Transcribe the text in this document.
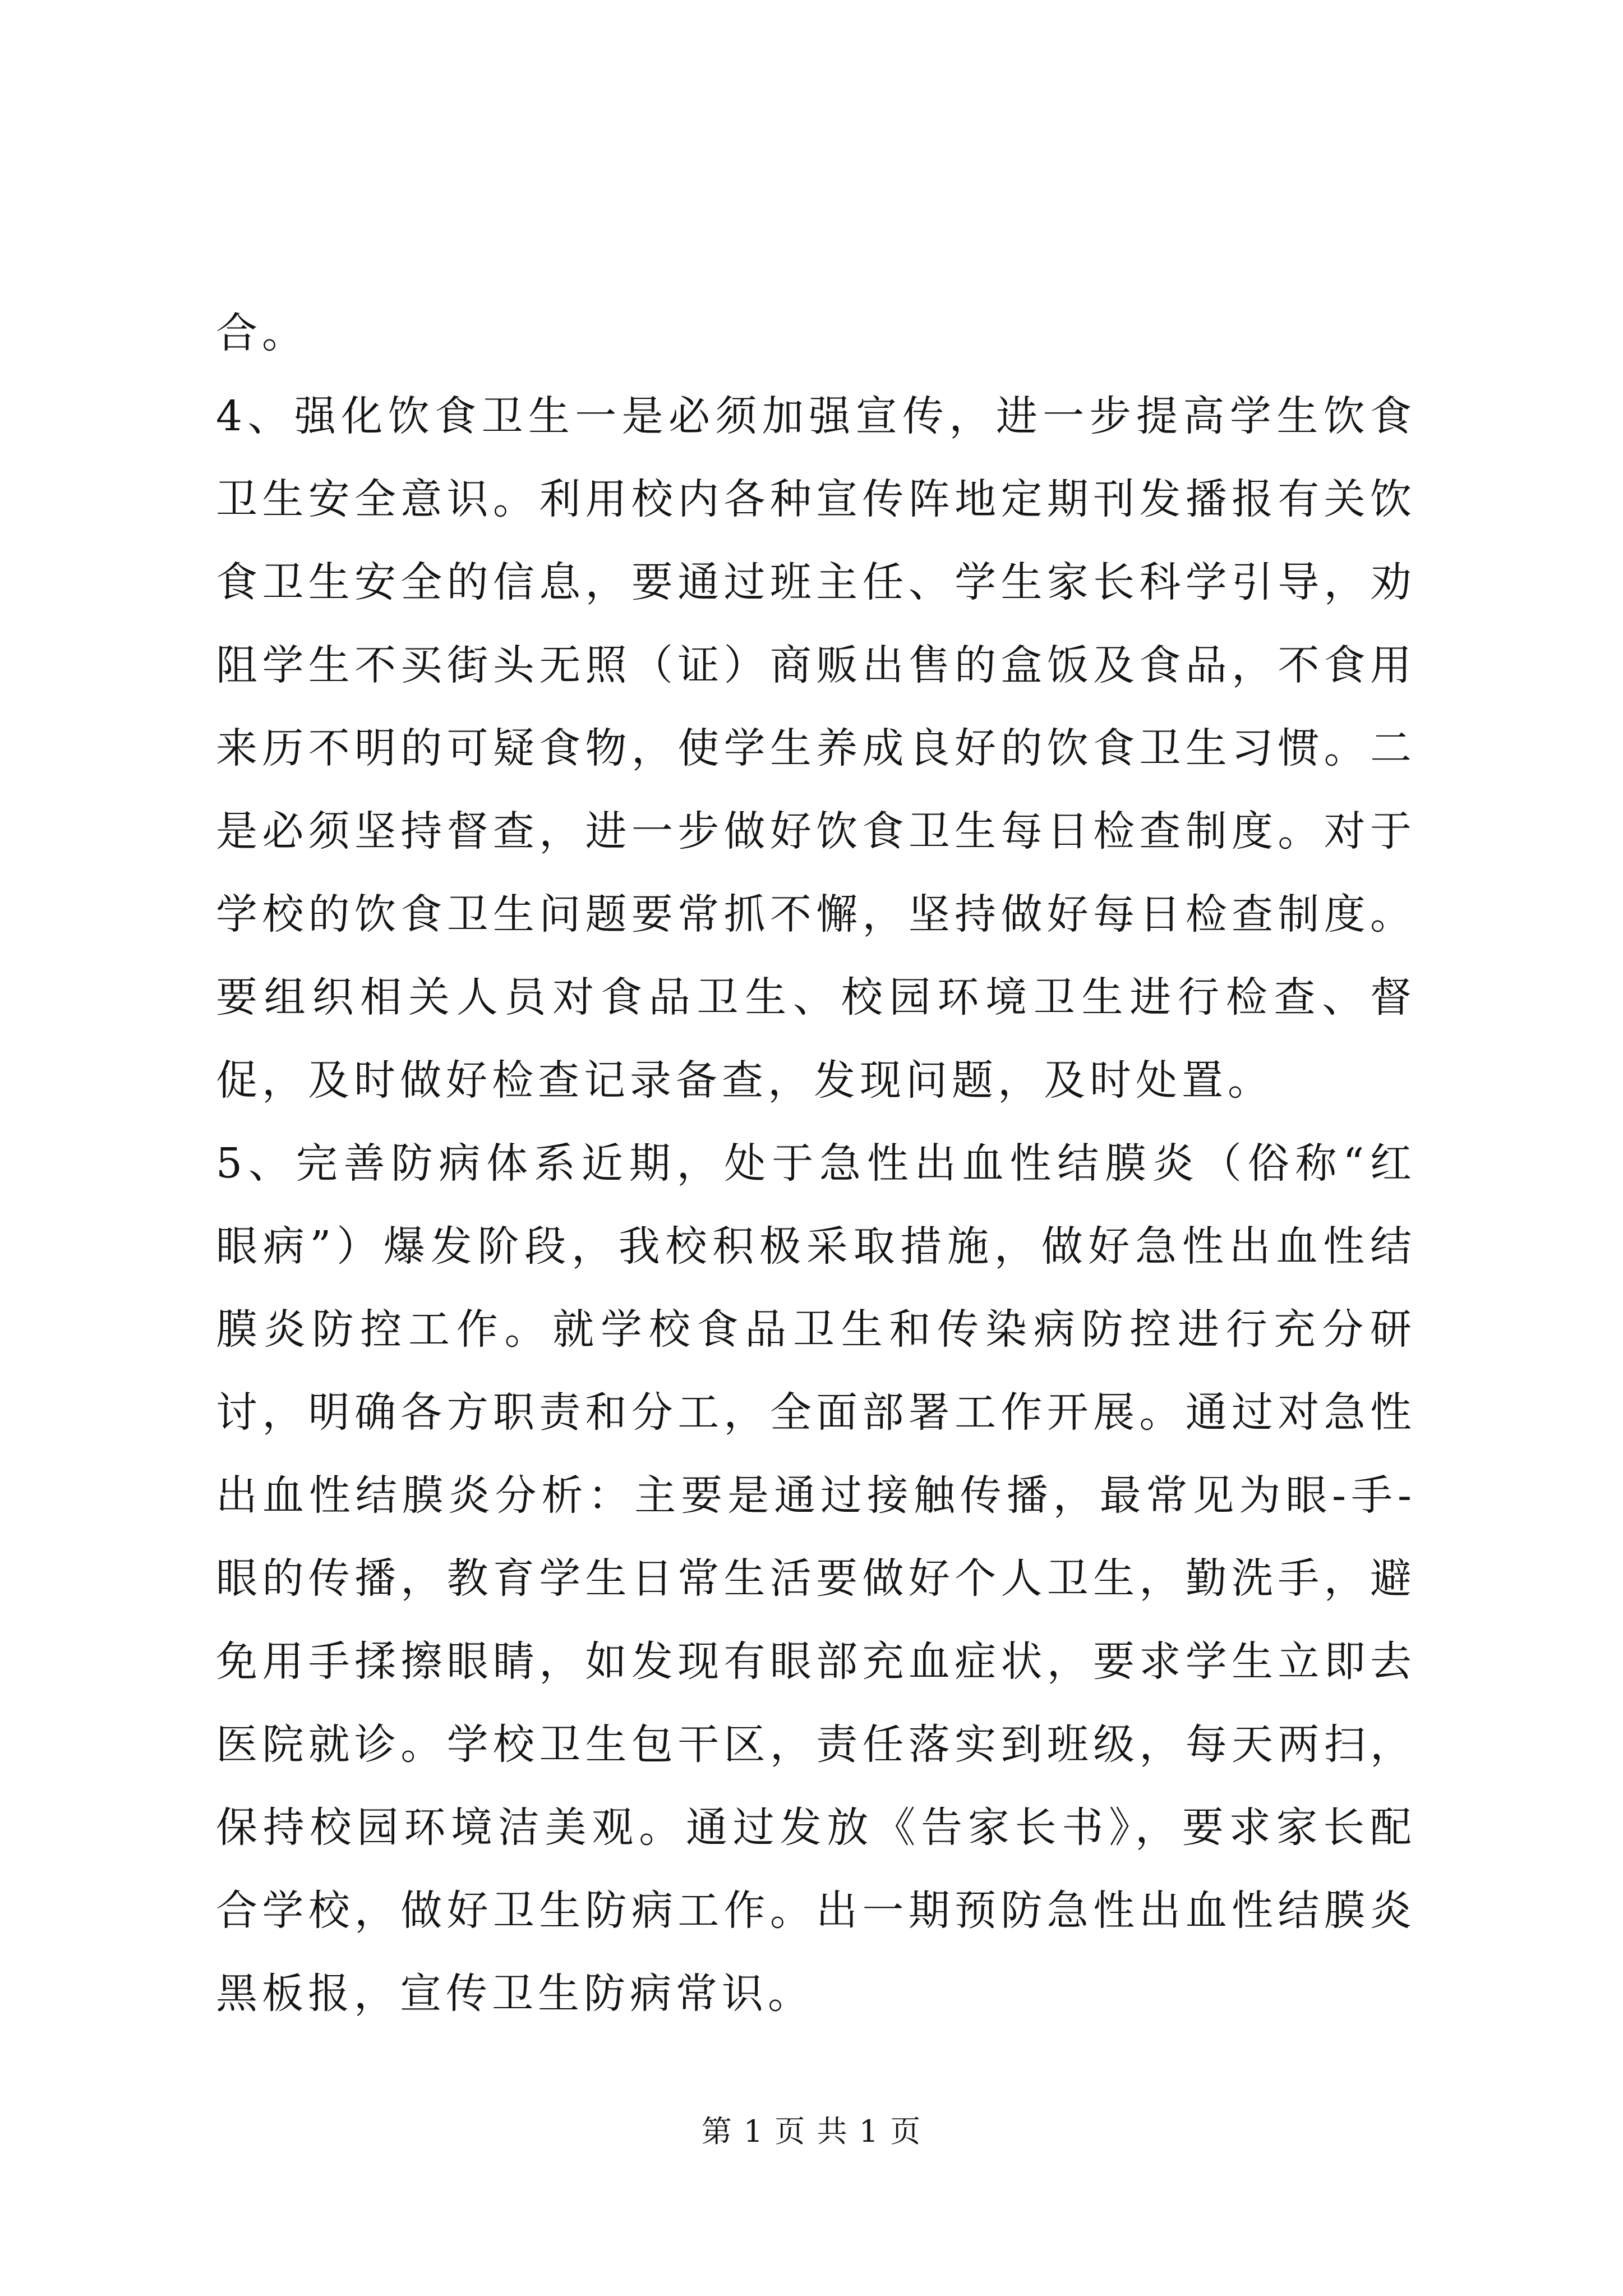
合。

4、强化饮食卫生一是必须加强宣传，进一步提高学生饮食卫生安全意识。利用校内各种宣传阵地定期刊发播报有关饮食卫生安全的信息，要通过班主任、学生家长科学引导，劝阻学生不买街头无照（证）商贩出售的盒饭及食品，不食用来历不明的可疑食物，使学生养成良好的饮食卫生习惯。二是必须坚持督查，进一步做好饮食卫生每日检查制度。对于学校的饮食卫生问题要常抓不懈，坚持做好每日检查制度。要组织相关人员对食品卫生、校园环境卫生进行检查、督促，及时做好检查记录备查，发现问题，及时处置。

5、完善防病体系近期，处于急性出血性结膜炎（俗称“红眼病”）爆发阶段，我校积极采取措施，做好急性出血性结膜炎防控工作。就学校食品卫生和传染病防控进行充分研讨，明确各方职责和分工，全面部署工作开展。通过对急性出血性结膜炎分析：主要是通过接触传播，最常见为眼-手-眼的传播，教育学生日常生活要做好个人卫生，勤洗手，避免用手揉擦眼睛，如发现有眼部充血症状，要求学生立即去医院就诊。学校卫生包干区，责任落实到班级，每天两扫，保持校园环境洁美观。通过发放《告家长书》，要求家长配合学校，做好卫生防病工作。出一期预防急性出血性结膜炎黑板报，宣传卫生防病常识。

第 1 页 共 1 页
